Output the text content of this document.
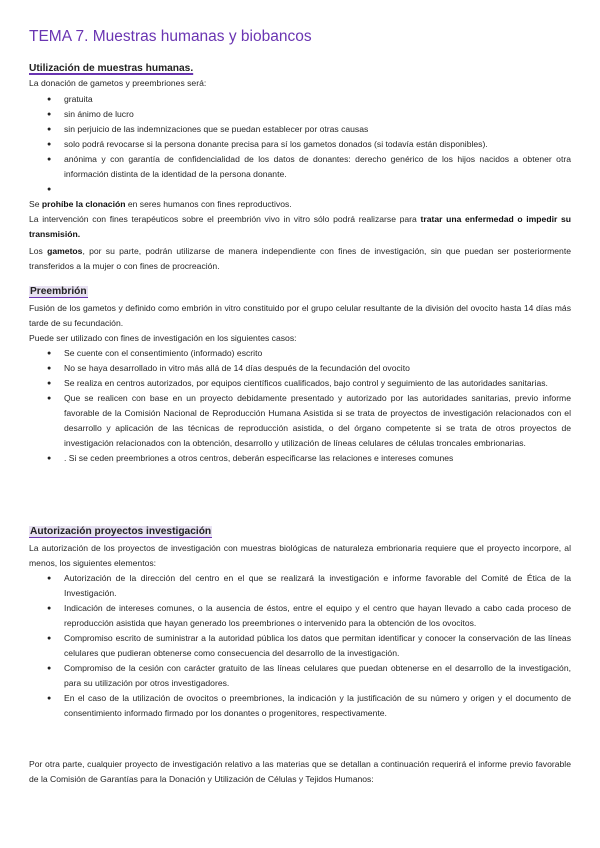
TEMA 7. Muestras humanas y biobancos
Utilización de muestras humanas.
La donación de gametos y preembriones será:
● gratuita
● sin ánimo de lucro
● sin perjuicio de las indemnizaciones que se puedan establecer por otras causas
● solo podrá revocarse si la persona donante precisa para sí los gametos donados (si todavía están disponibles).
● anónima y con garantía de confidencialidad de los datos de donantes: derecho genérico de los hijos nacidos a obtener otra información distinta de la identidad de la persona donante.
●
Se prohíbe la clonación en seres humanos con fines reproductivos.
La intervención con fines terapéuticos sobre el preembrión vivo in vitro sólo podrá realizarse para tratar una enfermedad o impedir su transmisión.
Los gametos, por su parte, podrán utilizarse de manera independiente con fines de investigación, sin que puedan ser posteriormente transferidos a la mujer o con fines de procreación.
Preembrión
Fusión de los gametos y definido como embrión in vitro constituido por el grupo celular resultante de la división del ovocito hasta 14 días más tarde de su fecundación.
Puede ser utilizado con fines de investigación en los siguientes casos:
● Se cuente con el consentimiento (informado) escrito
● No se haya desarrollado in vitro más allá de 14 días después de la fecundación del ovocito
● Se realiza en centros autorizados, por equipos científicos cualificados, bajo control y seguimiento de las autoridades sanitarias.
● Que se realicen con base en un proyecto debidamente presentado y autorizado por las autoridades sanitarias, previo informe favorable de la Comisión Nacional de Reproducción Humana Asistida si se trata de proyectos de investigación relacionados con el desarrollo y aplicación de las técnicas de reproducción asistida, o del órgano competente si se trata de otros proyectos de investigación relacionados con la obtención, desarrollo y utilización de líneas celulares de células troncales embrionarias.
● . Si se ceden preembriones a otros centros, deberán especificarse las relaciones e intereses comunes
Autorización proyectos investigación
La autorización de los proyectos de investigación con muestras biológicas de naturaleza embrionaria requiere que el proyecto incorpore, al menos, los siguientes elementos:
● Autorización de la dirección del centro en el que se realizará la investigación e informe favorable del Comité de Ética de la Investigación.
● Indicación de intereses comunes, o la ausencia de éstos, entre el equipo y el centro que hayan llevado a cabo cada proceso de reproducción asistida que hayan generado los preembriones o intervenido para la obtención de los ovocitos.
● Compromiso escrito de suministrar a la autoridad pública los datos que permitan identificar y conocer la conservación de las líneas celulares que pudieran obtenerse como consecuencia del desarrollo de la investigación.
● Compromiso de la cesión con carácter gratuito de las líneas celulares que puedan obtenerse en el desarrollo de la investigación, para su utilización por otros investigadores.
● En el caso de la utilización de ovocitos o preembriones, la indicación y la justificación de su número y origen y el documento de consentimiento informado firmado por los donantes o progenitores, respectivamente.
Por otra parte, cualquier proyecto de investigación relativo a las materias que se detallan a continuación requerirá el informe previo favorable de la Comisión de Garantías para la Donación y Utilización de Células y Tejidos Humanos:
